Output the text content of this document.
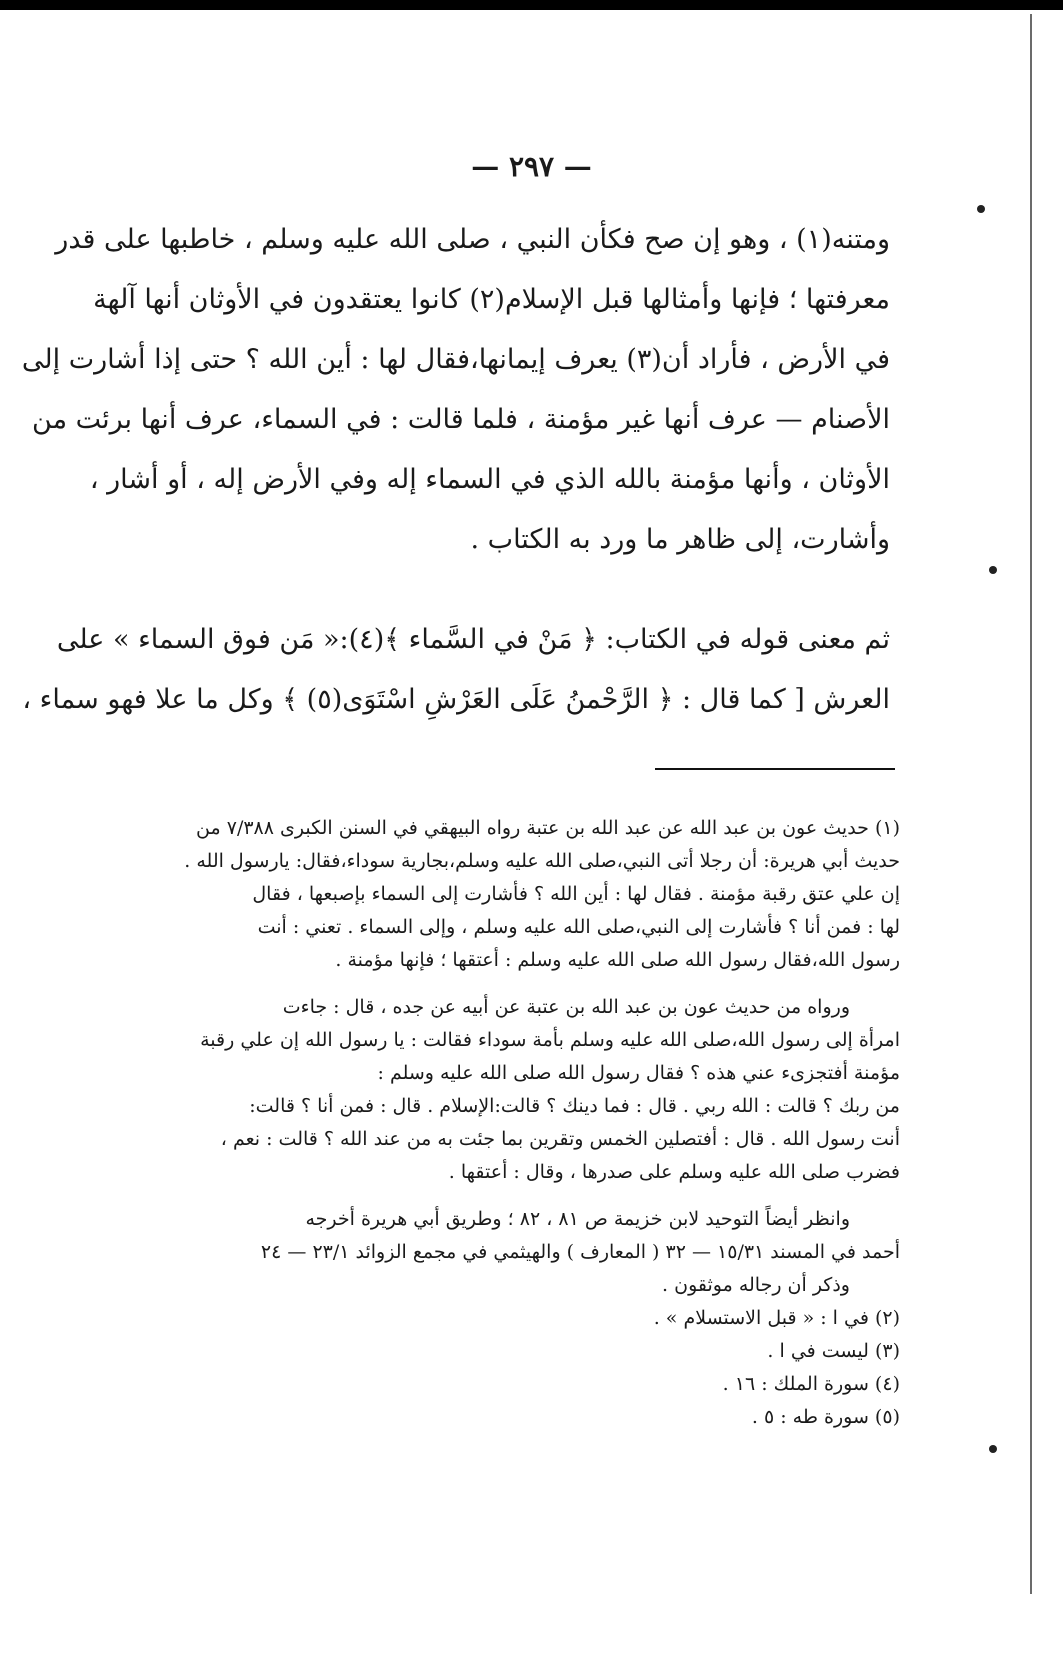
— ٢٩٧ —
ومتنه(١) ، وهو إن صح فكأن النبي ، صلى الله عليه وسلم ، خاطبها على قدر
معرفتها ؛ فإنها وأمثالها قبل الإسلام(٢) كانوا يعتقدون في الأوثان أنها آلهة
في الأرض ، فأراد أن(٣) يعرف إيمانها،فقال لها : أين الله ؟ حتى إذا أشارت إلى
الأصنام — عرف أنها غير مؤمنة ، فلما قالت : في السماء، عرف أنها برئت من
الأوثان ، وأنها مؤمنة بالله الذي في السماء إله وفي الأرض إله ، أو أشار ،
وأشارت، إلى ظاهر ما ورد به الكتاب .
ثم معنى قوله في الكتاب: ﴿ مَنْ في السَّماء ﴾(٤):« مَن فوق السماء » على
العرش [ كما قال : ﴿ الرَّحْمنُ عَلَى العَرْشِ اسْتَوَى(٥) ﴾ وكل ما علا فهو سماء ،
(١) حديث عون بن عبد الله عن عبد الله بن عتبة رواه البيهقي في السنن الكبرى ٧/٣٨٨ من
حديث أبي هريرة: أن رجلا أتى النبي،صلى الله عليه وسلم،بجارية سوداء،فقال: يارسول الله .
إن علي عتق رقبة مؤمنة . فقال لها : أين الله ؟ فأشارت إلى السماء بإصبعها ، فقال
لها : فمن أنا ؟ فأشارت إلى النبي،صلى الله عليه وسلم ، وإلى السماء . تعني : أنت
رسول الله،فقال رسول الله صلى الله عليه وسلم : أعتقها ؛ فإنها مؤمنة .
ورواه من حديث عون بن عبد الله بن عتبة عن أبيه عن جده ، قال : جاءت
امرأة إلى رسول الله،صلى الله عليه وسلم بأمة سوداء فقالت : يا رسول الله إن علي رقبة
مؤمنة أفتجزىء عني هذه ؟ فقال رسول الله صلى الله عليه وسلم :
من ربك ؟ قالت : الله ربي . قال : فما دينك ؟ قالت:الإسلام . قال : فمن أنا ؟ قالت:
أنت رسول الله . قال : أفتصلين الخمس وتقرين بما جئت به من عند الله ؟ قالت : نعم ،
فضرب صلى الله عليه وسلم على صدرها ، وقال : أعتقها .
وانظر أيضاً التوحيد لابن خزيمة ص ٨١ ، ٨٢ ؛ وطريق أبي هريرة أخرجه
أحمد في المسند ١٥/٣١ — ٣٢ ( المعارف ) والهيثمي في مجمع الزوائد ٢٣/١ — ٢٤
وذكر أن رجاله موثقون .
(٢) في ا : « قبل الاستسلام » .
(٣) ليست في ا .
(٤) سورة الملك : ١٦ .
(٥) سورة طه : ٥ .
